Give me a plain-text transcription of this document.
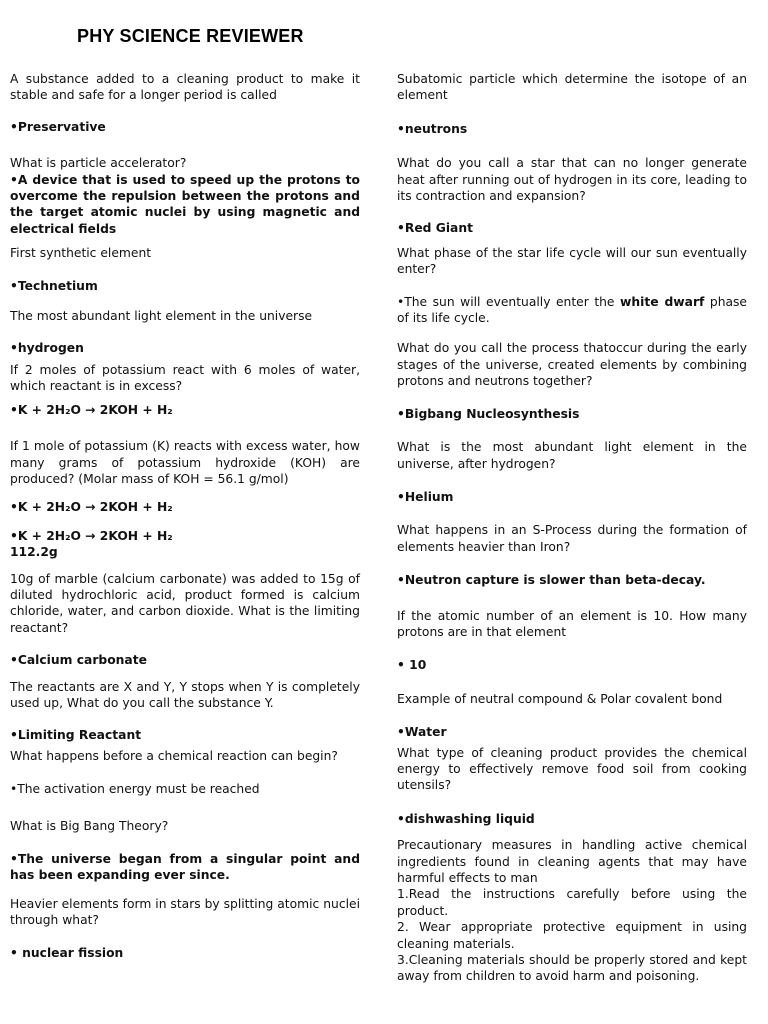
PHY SCIENCE REVIEWER

A substance added to a cleaning product to make it stable and safe for a longer period is called

•Preservative

What is particle accelerator?

•A device that is used to speed up the protons to overcome the repulsion between the protons and the target atomic nuclei by using magnetic and electrical fields

First synthetic element

•Technetium

The most abundant light element in the universe

•hydrogen

If 2 moles of potassium react with 6 moles of water, which reactant is in excess?

•K + 2H₂O → 2KOH + H₂

If 1 mole of potassium (K) reacts with excess water, how many grams of potassium hydroxide (KOH) are produced? (Molar mass of KOH = 56.1 g/mol)

•K + 2H₂O → 2KOH + H₂

•K + 2H₂O → 2KOH + H₂

112.2g

10g of marble (calcium carbonate) was added to 15g of diluted hydrochloric acid, product formed is calcium chloride, water, and carbon dioxide. What is the limiting reactant?

•Calcium carbonate

The reactants are X and Y, Y stops when Y is completely used up, What do you call the substance Y.

•Limiting Reactant

What happens before a chemical reaction can begin?

•The activation energy must be reached

What is Big Bang Theory?

•The universe began from a singular point and has been expanding ever since.

Heavier elements form in stars by splitting atomic nuclei through what?

• nuclear fission

Subatomic particle which determine the isotope of an element

•neutrons

What do you call a star that can no longer generate heat after running out of hydrogen in its core, leading to its contraction and expansion?

•Red Giant

What phase of the star life cycle will our sun eventually enter?

•The sun will eventually enter the white dwarf phase of its life cycle.

What do you call the process thatoccur during the early stages of the universe, created elements by combining protons and neutrons together?

•Bigbang Nucleosynthesis

What is the most abundant light element in the universe, after hydrogen?

•Helium

What happens in an S-Process during the formation of elements heavier than Iron?

•Neutron capture is slower than beta-decay.

If the atomic number of an element is 10. How many protons are in that element

• 10

Example of neutral compound & Polar covalent bond

•Water

What type of cleaning product provides the chemical energy to effectively remove food soil from cooking utensils?

•dishwashing liquid

Precautionary measures in handling active chemical ingredients found in cleaning agents that may have harmful effects to man

1.Read the instructions carefully before using the product.

2. Wear appropriate protective equipment in using cleaning materials.

3.Cleaning materials should be properly stored and kept away from children to avoid harm and poisoning.
